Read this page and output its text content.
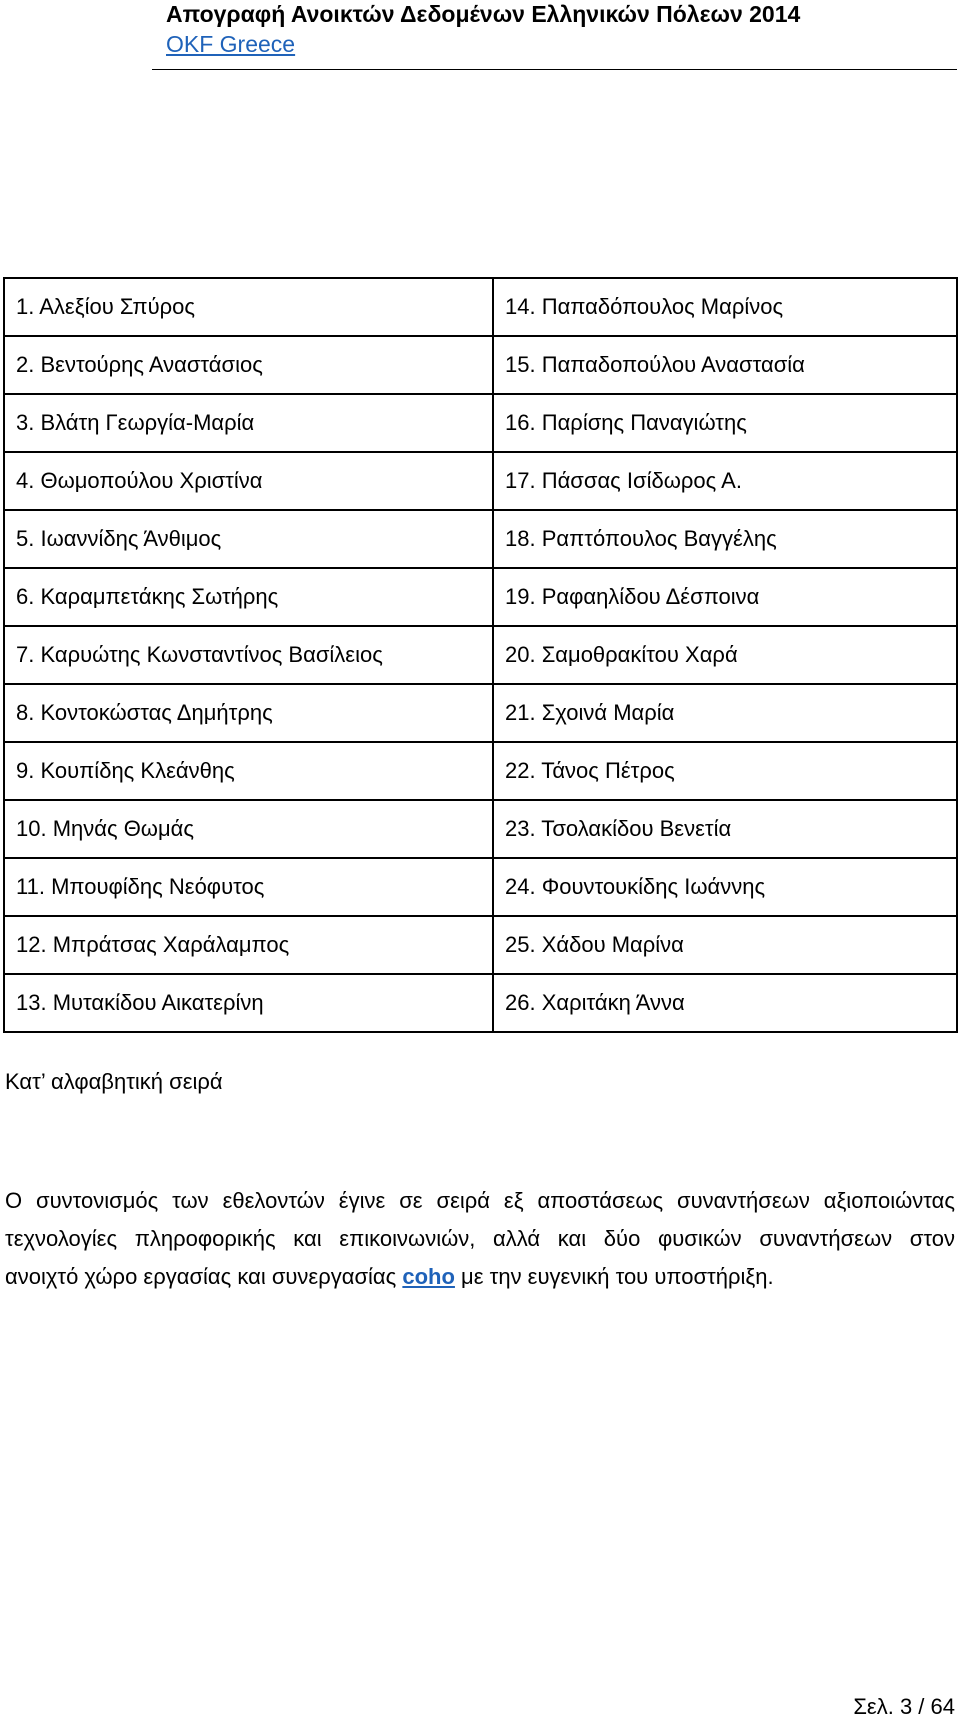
Απογραφή Ανοικτών Δεδομένων Ελληνικών Πόλεων 2014
OKF Greece
1. Αλεξίου Σπύρος	14. Παπαδόπουλος Μαρίνος
2. Βεντούρης Αναστάσιος	15. Παπαδοπούλου Αναστασία
3. Βλάτη Γεωργία-Μαρία	16. Παρίσης Παναγιώτης
4. Θωμοπούλου Χριστίνα	17. Πάσσας Ισίδωρος Α.
5. Ιωαννίδης Άνθιμος	18. Ραπτόπουλος Βαγγέλης
6. Καραμπετάκης Σωτήρης	19. Ραφαηλίδου Δέσποινα
7. Καρυώτης Κωνσταντίνος Βασίλειος	20. Σαμοθρακίτου Χαρά
8. Κοντοκώστας Δημήτρης	21. Σχοινά Μαρία
9. Κουπίδης Κλεάνθης	22. Τάνος Πέτρος
10. Μηνάς Θωμάς	23. Τσολακίδου Βενετία
11. Μπουφίδης Νεόφυτος	24. Φουντουκίδης Ιωάννης
12. Μπράτσας Χαράλαμπος	25. Χάδου Μαρίνα
13. Μυτακίδου Αικατερίνη	26. Χαριτάκη Άννα
Κατ’ αλφαβητική σειρά
Ο συντονισμός των εθελοντών έγινε σε σειρά εξ αποστάσεως συναντήσεων αξιοποιώντας
τεχνολογίες πληροφορικής και επικοινωνιών, αλλά και δύο φυσικών συναντήσεων στον
ανοιχτό χώρο εργασίας και συνεργασίας coho με την ευγενική του υποστήριξη.
Σελ. 3 / 64
